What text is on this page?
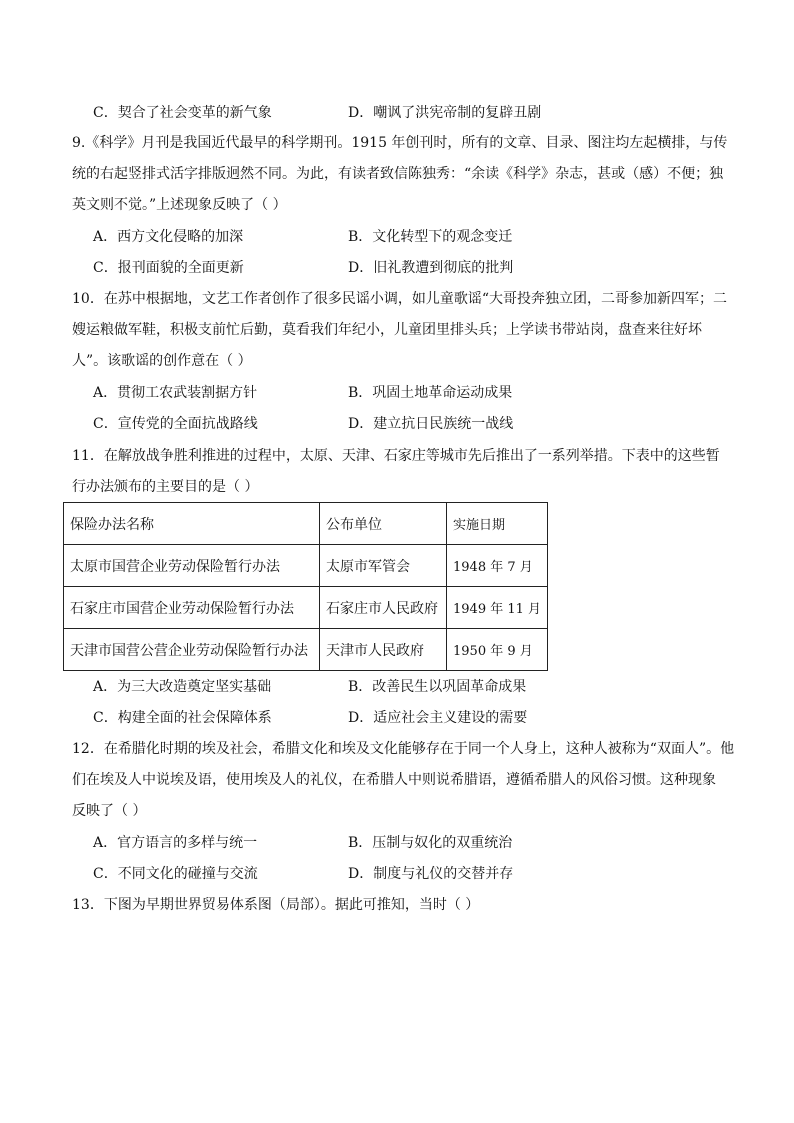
C．契合了社会变革的新气象	D．嘲讽了洪宪帝制的复辟丑剧
9.《科学》月刊是我国近代最早的科学期刊。1915 年创刊时，所有的文章、目录、图注均左起横排，与传
统的右起竖排式活字排版迥然不同。为此，有读者致信陈独秀：“余读《科学》杂志，甚或（感）不便；独
英文则不觉。”上述现象反映了（ ）
A．西方文化侵略的加深	B．文化转型下的观念变迁
C．报刊面貌的全面更新	D．旧礼教遭到彻底的批判
10．在苏中根据地，文艺工作者创作了很多民谣小调，如儿童歌谣“大哥投奔独立团，二哥参加新四军；二
嫂运粮做军鞋，积极支前忙后勤，莫看我们年纪小，儿童团里排头兵；上学读书带站岗，盘查来往好坏
人”。该歌谣的创作意在（ ）
A．贯彻工农武装割据方针	B．巩固土地革命运动成果
C．宣传党的全面抗战路线	D．建立抗日民族统一战线
11．在解放战争胜利推进的过程中，太原、天津、石家庄等城市先后推出了一系列举措。下表中的这些暂
行办法颁布的主要目的是（ ）
保险办法名称	公布单位	实施日期
太原市国营企业劳动保险暂行办法	太原市军管会	1948 年 7 月
石家庄市国营企业劳动保险暂行办法	石家庄市人民政府	1949 年 11 月
天津市国营公营企业劳动保险暂行办法	天津市人民政府	1950 年 9 月
A．为三大改造奠定坚实基础	B．改善民生以巩固革命成果
C．构建全面的社会保障体系	D．适应社会主义建设的需要
12．在希腊化时期的埃及社会，希腊文化和埃及文化能够存在于同一个人身上，这种人被称为“双面人”。他
们在埃及人中说埃及语，使用埃及人的礼仪，在希腊人中则说希腊语，遵循希腊人的风俗习惯。这种现象
反映了（ ）
A．官方语言的多样与统一	B．压制与奴化的双重统治
C．不同文化的碰撞与交流	D．制度与礼仪的交替并存
13．下图为早期世界贸易体系图（局部）。据此可推知，当时（ ）
